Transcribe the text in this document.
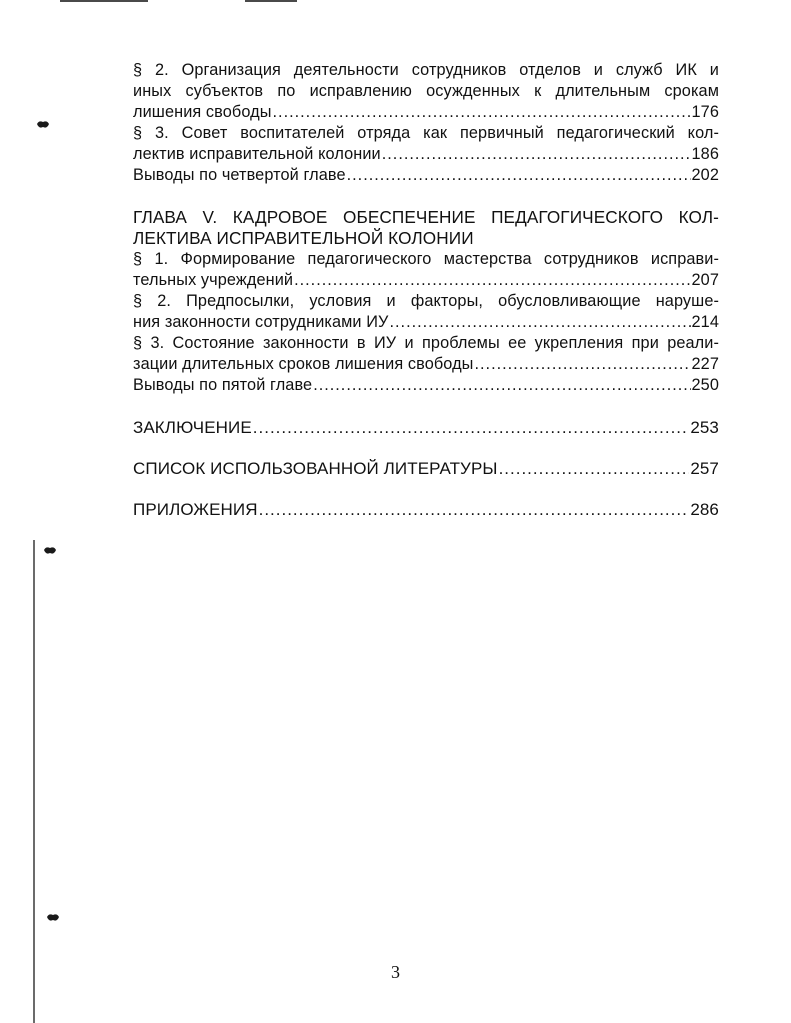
§ 2. Организация деятельности сотрудников отделов и служб ИК и
иных субъектов по исправлению осужденных к длительным срокам
лишения свободы .....	176
§ 3. Совет воспитателей отряда как первичный педагогический кол-
лектив исправительной колонии .....	186
Выводы по четвертой главе .....	202
ГЛАВА V. КАДРОВОЕ ОБЕСПЕЧЕНИЕ ПЕДАГОГИЧЕСКОГО КОЛ-
ЛЕКТИВА ИСПРАВИТЕЛЬНОЙ КОЛОНИИ
§ 1. Формирование педагогического мастерства сотрудников исправи-
тельных учреждений .....	207
§ 2. Предпосылки, условия и факторы, обусловливающие наруше-
ния законности сотрудниками ИУ .....	214
§ 3. Состояние законности в ИУ и проблемы ее укрепления при реали-
зации длительных сроков лишения свободы .....	227
Выводы по пятой главе .....	250
ЗАКЛЮЧЕНИЕ .....	253
СПИСОК ИСПОЛЬЗОВАННОЙ ЛИТЕРАТУРЫ .....	257
ПРИЛОЖЕНИЯ .....	286
3
